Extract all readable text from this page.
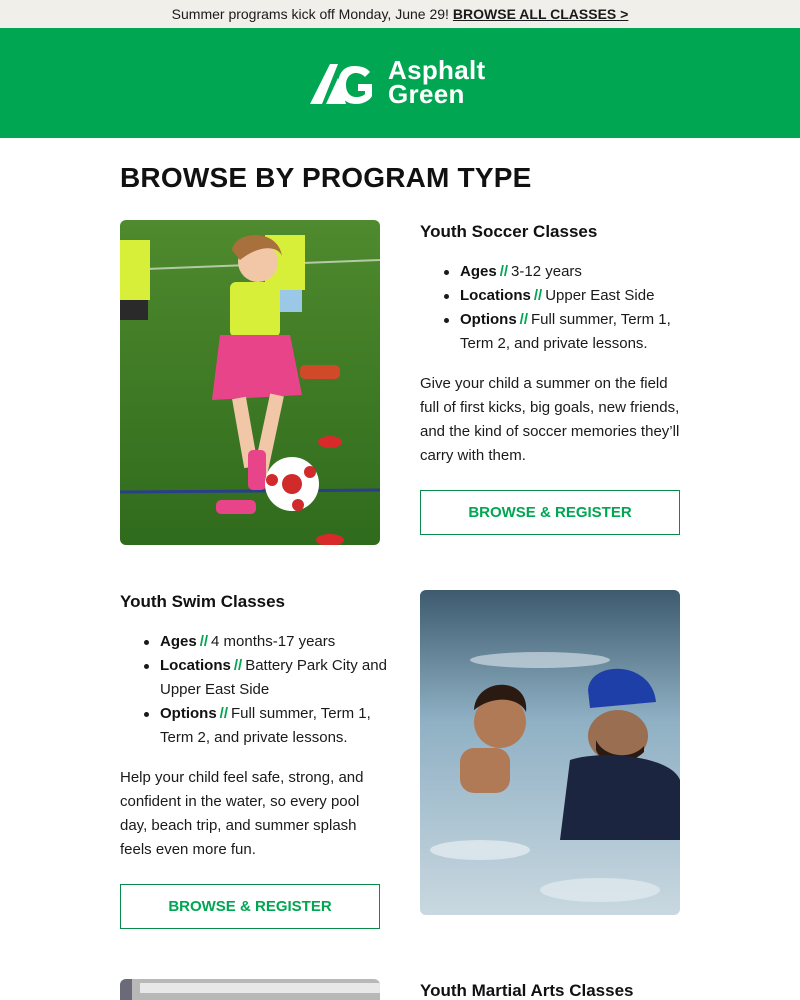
Summer programs kick off Monday, June 29! BROWSE ALL CLASSES >
Asphalt
Green
BROWSE BY PROGRAM TYPE
Youth Soccer Classes
Ages // 3-12 years
Locations // Upper East Side
Options // Full summer, Term 1, Term 2, and private lessons.
Give your child a summer on the field full of first kicks, big goals, new friends, and the kind of soccer memories they’ll carry with them.
BROWSE & REGISTER
Youth Swim Classes
Ages // 4 months-17 years
Locations // Battery Park City and Upper East Side
Options // Full summer, Term 1, Term 2, and private lessons.
Help your child feel safe, strong, and confident in the water, so every pool day, beach trip, and summer splash feels even more fun.
BROWSE & REGISTER
Youth Martial Arts Classes
